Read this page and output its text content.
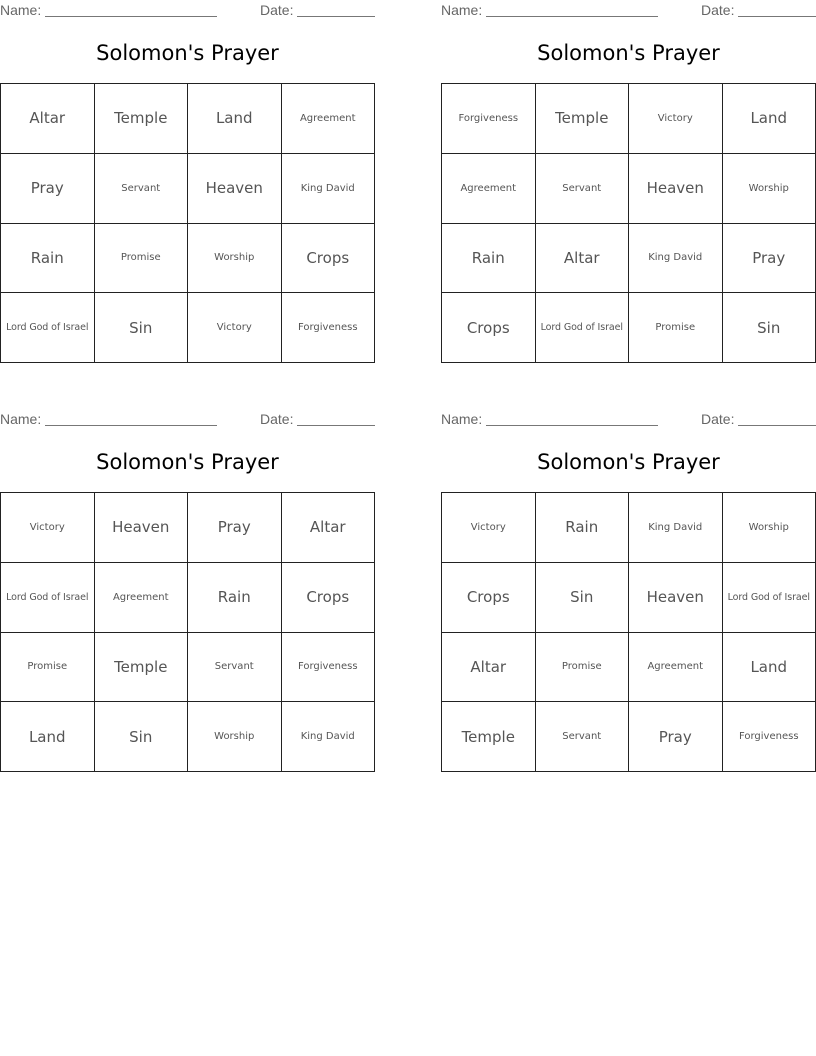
Name:	Date:
Solomon's Prayer
Altar	Temple	Land	Agreement
Pray	Servant	Heaven	King David
Rain	Promise	Worship	Crops
Lord God of Israel	Sin	Victory	Forgiveness
Name:	Date:
Solomon's Prayer
Forgiveness	Temple	Victory	Land
Agreement	Servant	Heaven	Worship
Rain	Altar	King David	Pray
Crops	Lord God of Israel	Promise	Sin
Name:	Date:
Solomon's Prayer
Victory	Heaven	Pray	Altar
Lord God of Israel	Agreement	Rain	Crops
Promise	Temple	Servant	Forgiveness
Land	Sin	Worship	King David
Name:	Date:
Solomon's Prayer
Victory	Rain	King David	Worship
Crops	Sin	Heaven	Lord God of Israel
Altar	Promise	Agreement	Land
Temple	Servant	Pray	Forgiveness
